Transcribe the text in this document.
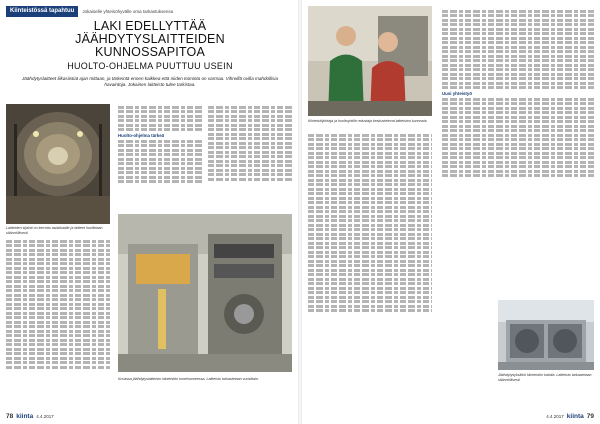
Kiinteistössä tapahtuu	Jokaiselle yhteisöhyvälle oma tarkastuksensa
LAKI EDELLYTTÄÄ
JÄÄHDYTYSLAITTEIDEN
KUNNOSSAPITOA
HUOLTO-OHJELMA PUUTTUU USEIN
Jäähdytyslaitteet liikasiistiat ajan mittaan, ja tärkeintä ennen kaikkea että niiden toiminta on varmaa. Vihreillä ovilla mahdollisia havaintoja. Jokainen laitteisto tulee tarkistaa.
Laitteiden sijainti on kerrottu asiakkaalle ja laitteet huolletaan säännöllisesti.
Huolto-ohjelma tärkeä
Kuvassa jäähdytyslaitteisto kiinteistön konehuoneessa. Laitteisto tarkastetaan vuosittain.
78 kiinta 4.4.2017
Kiinteistöjohtaja ja huoltoyhtiön edustaja keskustelevat laitteiston kunnosta.
Uusi yhteistyö
Jäähdytysyksikkö kiinteistön katolla. Laitteisto tarkastetaan säännöllisesti.
4.4.2017 kiinta 79
